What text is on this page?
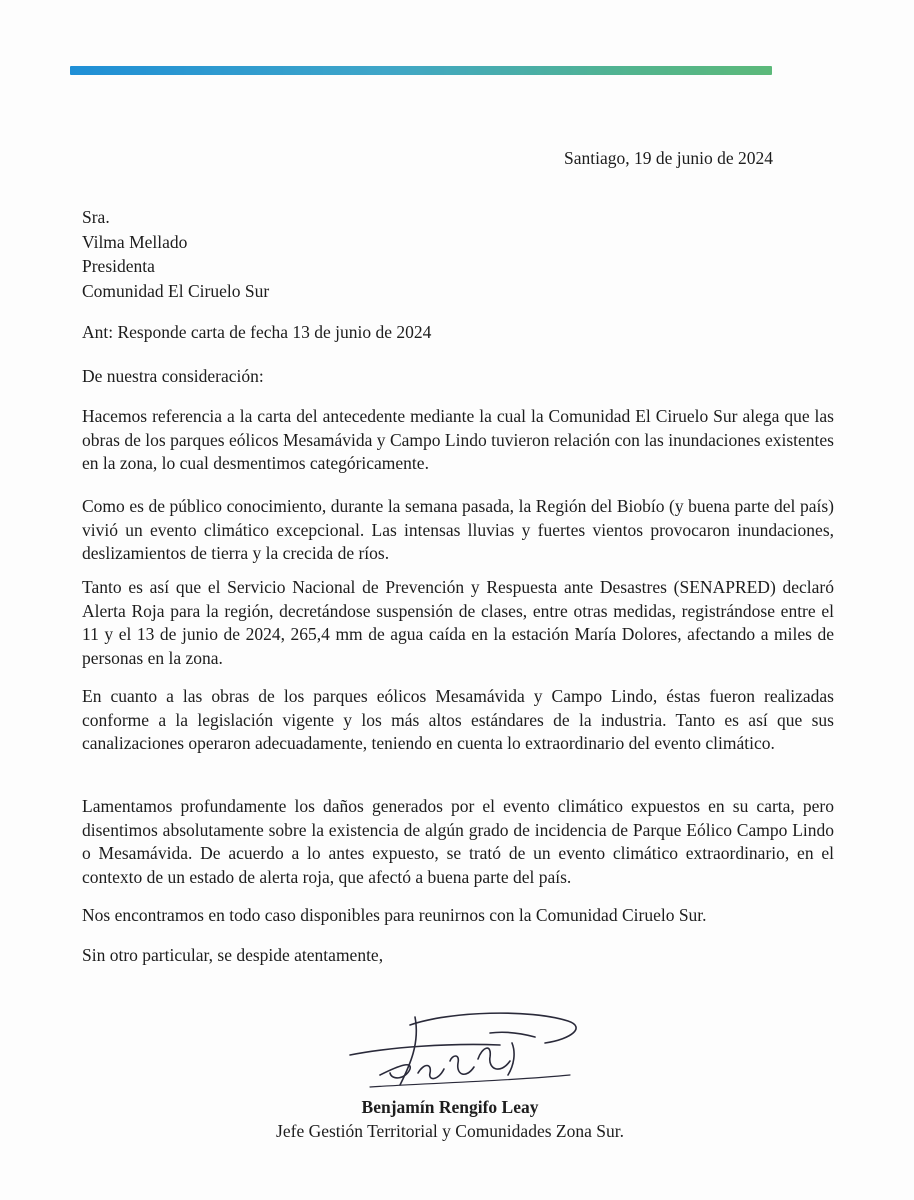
Santiago, 19 de junio de 2024
Sra.
Vilma Mellado
Presidenta
Comunidad El Ciruelo Sur
Ant: Responde carta de fecha 13 de junio de 2024
De nuestra consideración:
Hacemos referencia a la carta del antecedente mediante la cual la Comunidad El Ciruelo Sur alega que las obras de los parques eólicos Mesamávida y Campo Lindo tuvieron relación con las inundaciones existentes en la zona, lo cual desmentimos categóricamente.
Como es de público conocimiento, durante la semana pasada, la Región del Biobío (y buena parte del país) vivió un evento climático excepcional. Las intensas lluvias y fuertes vientos provocaron inundaciones, deslizamientos de tierra y la crecida de ríos.
Tanto es así que el Servicio Nacional de Prevención y Respuesta ante Desastres (SENAPRED) declaró Alerta Roja para la región, decretándose suspensión de clases, entre otras medidas, registrándose entre el 11 y el 13 de junio de 2024, 265,4 mm de agua caída en la estación María Dolores, afectando a miles de personas en la zona.
En cuanto a las obras de los parques eólicos Mesamávida y Campo Lindo, éstas fueron realizadas conforme a la legislación vigente y los más altos estándares de la industria. Tanto es así que sus canalizaciones operaron adecuadamente, teniendo en cuenta lo extraordinario del evento climático.
Lamentamos profundamente los daños generados por el evento climático expuestos en su carta, pero disentimos absolutamente sobre la existencia de algún grado de incidencia de Parque Eólico Campo Lindo o Mesamávida. De acuerdo a lo antes expuesto, se trató de un evento climático extraordinario, en el contexto de un estado de alerta roja, que afectó a buena parte del país.
Nos encontramos en todo caso disponibles para reunirnos con la Comunidad Ciruelo Sur.
Sin otro particular, se despide atentamente,
Benjamín Rengifo Leay
Jefe Gestión Territorial y Comunidades Zona Sur.
